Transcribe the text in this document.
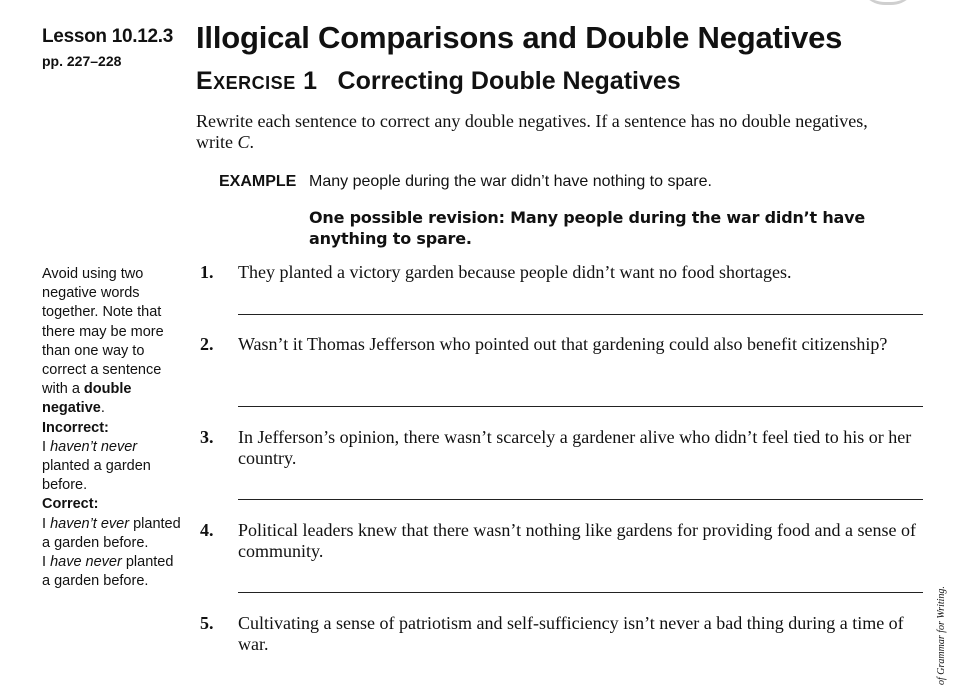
Lesson 10.12.3
pp. 227–228
Illogical Comparisons and Double Negatives
Exercise 1 Correcting Double Negatives
Rewrite each sentence to correct any double negatives. If a sentence has no double negatives, write C.
EXAMPLE Many people during the war didn’t have nothing to spare.
One possible revision: Many people during the war didn’t have anything to spare.

Avoid using two negative words together. Note that there may be more than one way to correct a sentence with a double negative.

Incorrect:

I haven’t never planted a garden before.

Correct:

I haven’t ever planted a garden before.

I have never planted a garden before.

1.	They planted a victory garden because people didn’t want no food shortages.
2.	Wasn’t it Thomas Jefferson who pointed out that gardening could also benefit citizenship?
3.	In Jefferson’s opinion, there wasn’t scarcely a gardener alive who didn’t feel tied to his or her country.
4.	Political leaders knew that there wasn’t nothing like gardens for providing food and a sense of community.
5.	Cultivating a sense of patriotism and self-sufficiency isn’t never a bad thing during a time of war.	of Grammar for Writing.
